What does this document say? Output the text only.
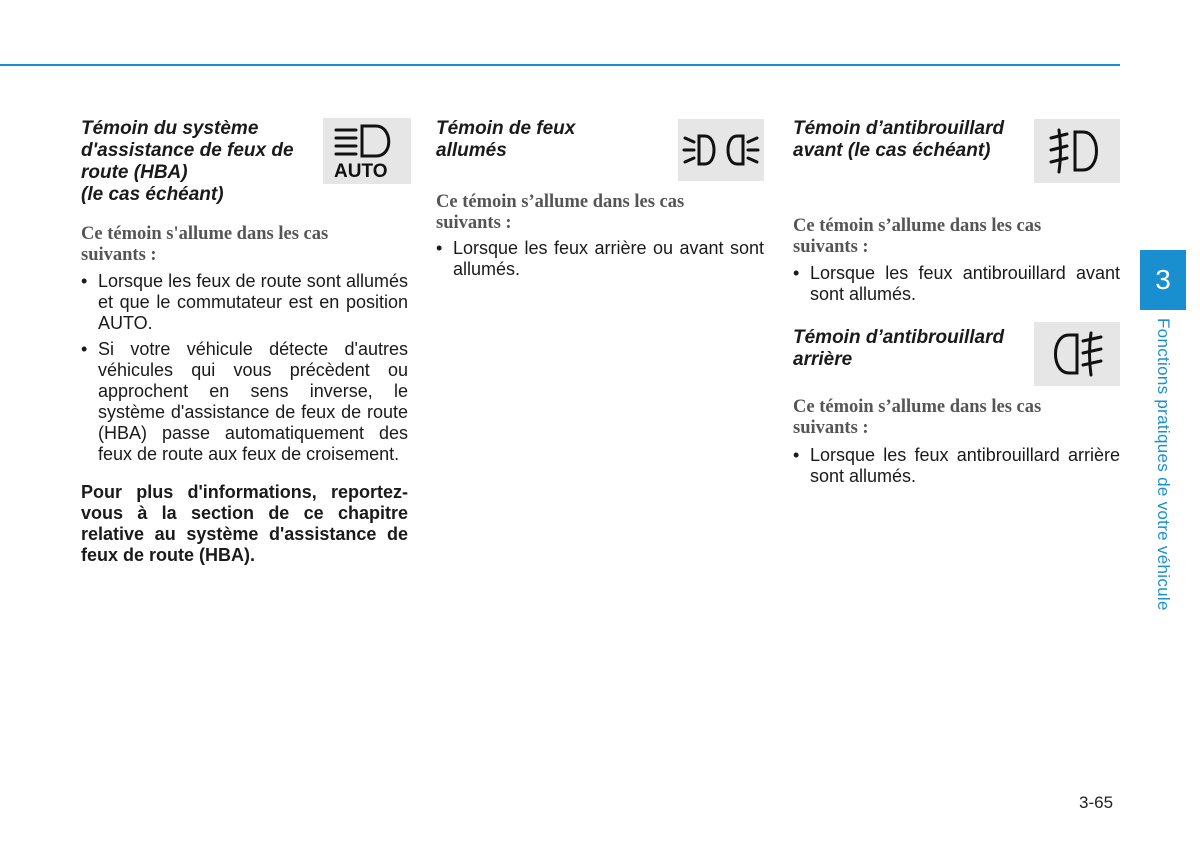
Témoin du système
d'assistance de feux de
route (HBA)
(le cas échéant)
AUTO

Ce témoin s'allume dans les cas
suivants :

• Lorsque les feux de route sont allumés et que le commutateur est en position AUTO.
• Si votre véhicule détecte d'autres véhicules qui vous précèdent ou approchent en sens inverse, le système d'assistance de feux de route (HBA) passe automatiquement des feux de route aux feux de croisement.

Pour plus d'informations, reportez-vous à la section de ce chapitre relative au système d'assistance de feux de route (HBA).

Témoin de feux
allumés

Ce témoin s’allume dans les cas
suivants :

• Lorsque les feux arrière ou avant sont allumés.
Témoin d’antibrouillard
avant (le cas échéant)

Ce témoin s’allume dans les cas
suivants :

• Lorsque les feux antibrouillard avant sont allumés.
Témoin d’antibrouillard
arrière

Ce témoin s’allume dans les cas
suivants :

• Lorsque les feux antibrouillard arrière sont allumés.
3
Fonctions pratiques de votre véhicule
3-65
